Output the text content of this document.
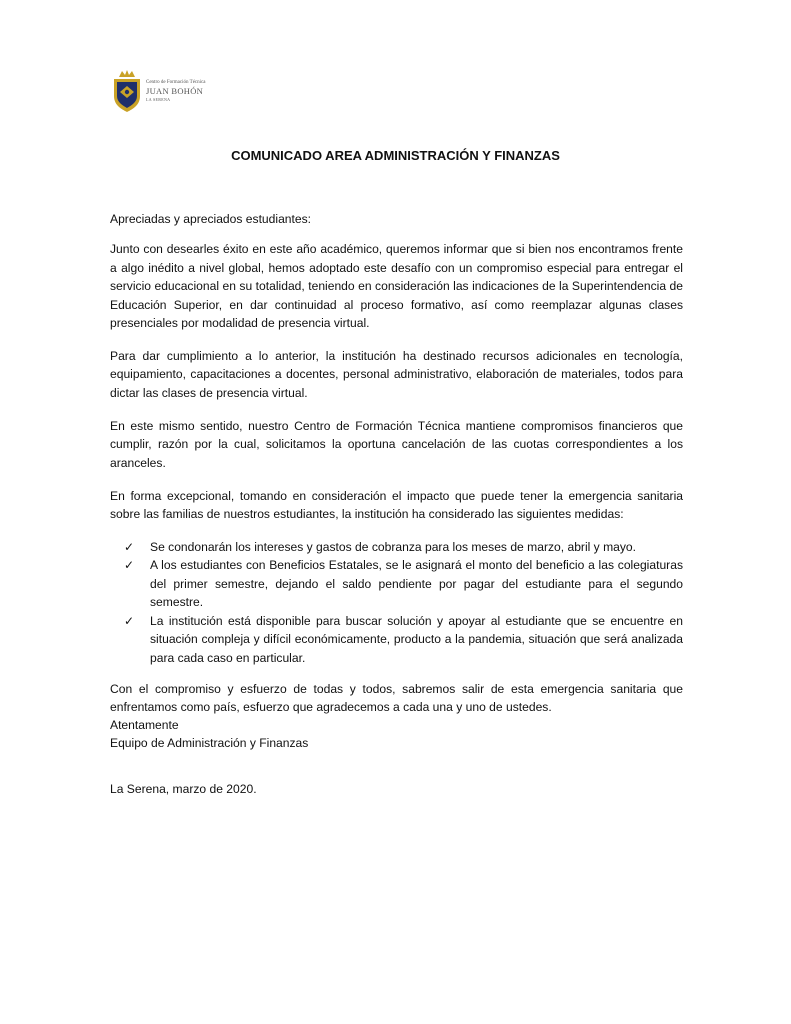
Centro de Formación Técnica
JUAN BOHÓN
LA SERENA
COMUNICADO AREA ADMINISTRACIÓN Y FINANZAS

Apreciadas y apreciados estudiantes:

Junto con desearles éxito en este año académico, queremos informar que si bien nos encontramos frente a algo inédito a nivel global, hemos adoptado este desafío con un compromiso especial para entregar el servicio educacional en su totalidad, teniendo en consideración las indicaciones de la Superintendencia de Educación Superior, en dar continuidad al proceso formativo, así como reemplazar algunas clases presenciales por modalidad de presencia virtual.

Para dar cumplimiento a lo anterior, la institución ha destinado recursos adicionales en tecnología, equipamiento, capacitaciones a docentes, personal administrativo, elaboración de materiales, todos para dictar las clases de presencia virtual.

En este mismo sentido, nuestro Centro de Formación Técnica mantiene compromisos financieros que cumplir, razón por la cual, solicitamos la oportuna cancelación de las cuotas correspondientes a los aranceles.

En forma excepcional, tomando en consideración el impacto que puede tener la emergencia sanitaria sobre las familias de nuestros estudiantes, la institución ha considerado las siguientes medidas:

✓ Se condonarán los intereses y gastos de cobranza para los meses de marzo, abril y mayo.
✓ A los estudiantes con Beneficios Estatales, se le asignará el monto del beneficio a las colegiaturas del primer semestre, dejando el saldo pendiente por pagar del estudiante para el segundo semestre.
✓ La institución está disponible para buscar solución y apoyar al estudiante que se encuentre en situación compleja y difícil económicamente, producto a la pandemia, situación que será analizada para cada caso en particular.

Con el compromiso y esfuerzo de todas y todos, sabremos salir de esta emergencia sanitaria que enfrentamos como país, esfuerzo que agradecemos a cada una y uno de ustedes.

Atentamente
Equipo de Administración y Finanzas
La Serena, marzo de 2020.
